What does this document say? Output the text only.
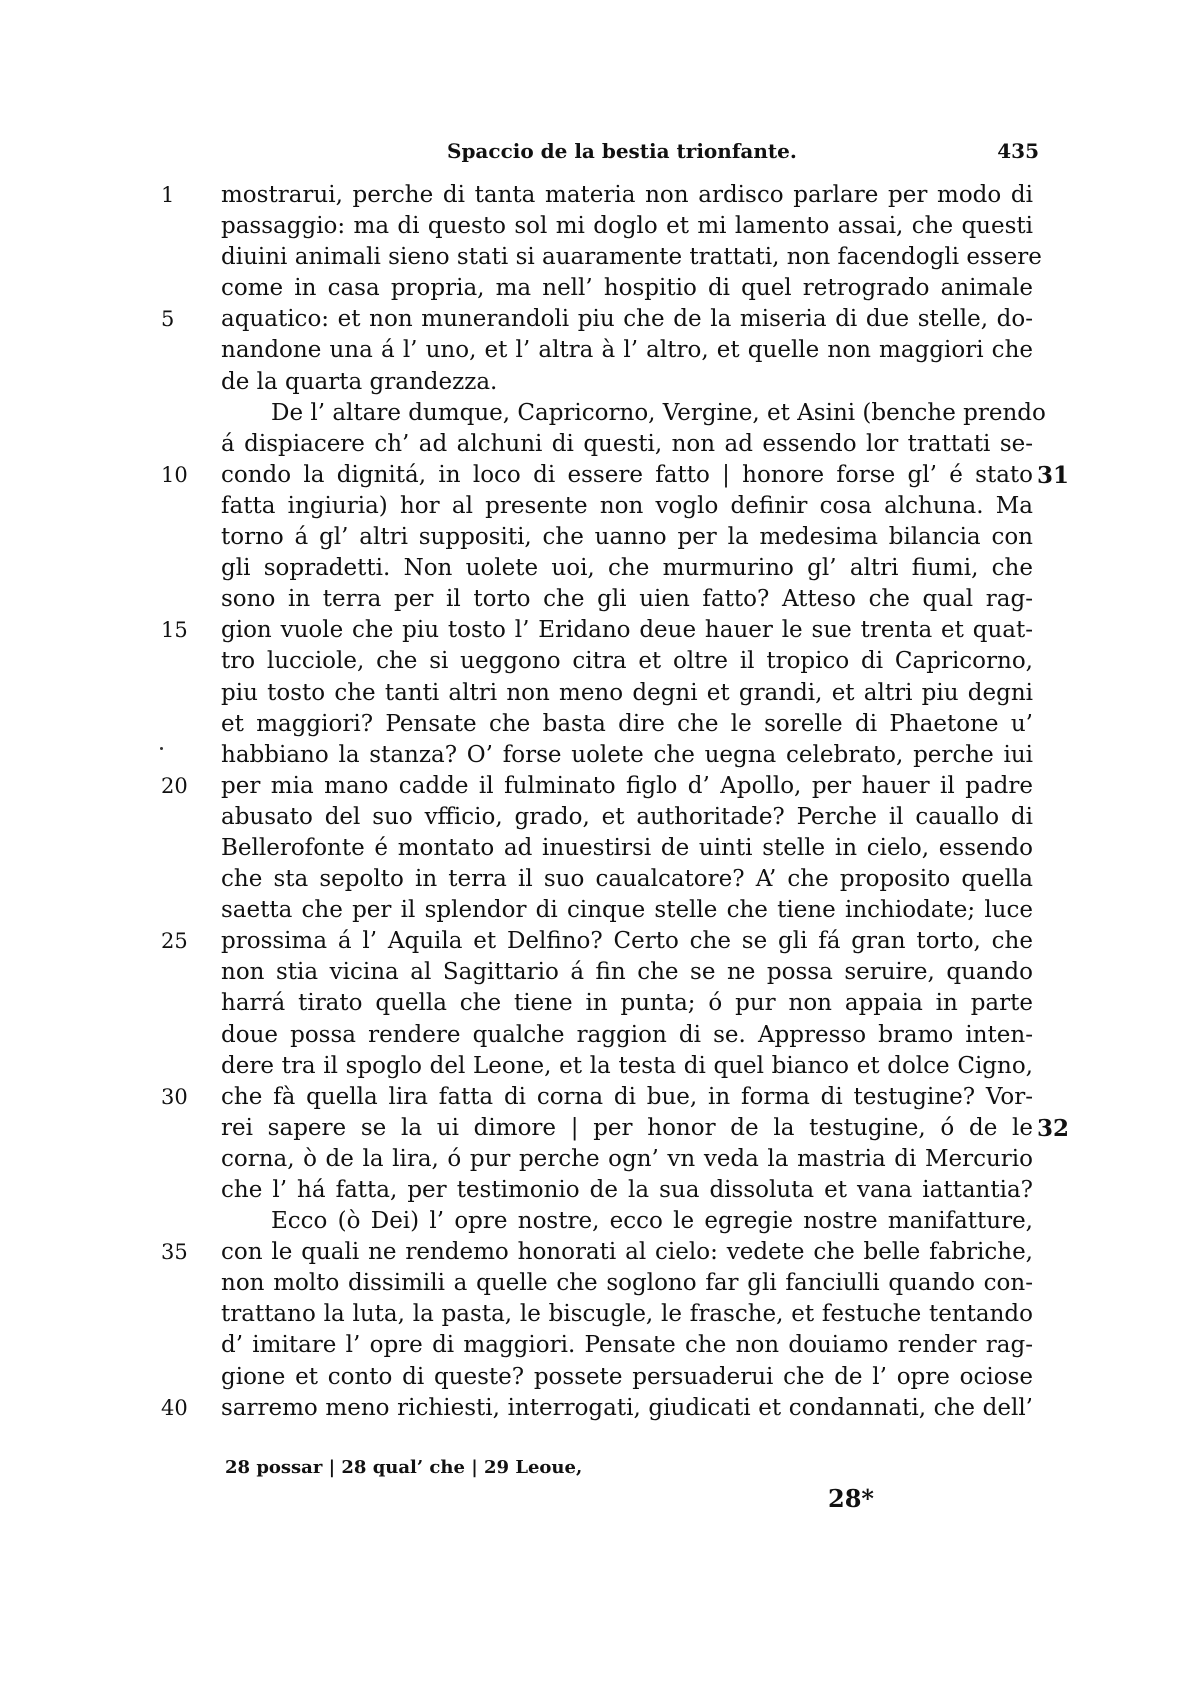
Spaccio de la bestia trionfante.	435
1	mostrarui, perche di tanta materia non ardisco parlare per modo di
passaggio: ma di questo sol mi doglo et mi lamento assai, che questi
diuini animali sieno stati si auaramente trattati, non facendogli essere
come in casa propria, ma nell’ hospitio di quel retrogrado animale
5	aquatico: et non munerandoli piu che de la miseria di due stelle, do-
nandone una á l’ uno, et l’ altra à l’ altro, et quelle non maggiori che
de la quarta grandezza.
De l’ altare dumque, Capricorno, Vergine, et Asini (benche prendo
á dispiacere ch’ ad alchuni di questi, non ad essendo lor trattati se-
10	condo la dignitá, in loco di essere fatto | honore forse gl’ é stato 31
fatta ingiuria) hor al presente non voglo definir cosa alchuna. Ma
torno á gl’ altri suppositi, che uanno per la medesima bilancia con
gli sopradetti. Non uolete uoi, che murmurino gl’ altri fiumi, che
sono in terra per il torto che gli uien fatto? Atteso che qual rag-
15	gion vuole che piu tosto l’ Eridano deue hauer le sue trenta et quat-
tro lucciole, che si ueggono citra et oltre il tropico di Capricorno,
piu tosto che tanti altri non meno degni et grandi, et altri piu degni
et maggiori? Pensate che basta dire che le sorelle di Phaetone u’
habbiano la stanza? O’ forse uolete che uegna celebrato, perche iui
20	per mia mano cadde il fulminato figlo d’ Apollo, per hauer il padre
abusato del suo vfficio, grado, et authoritade? Perche il cauallo di
Bellerofonte é montato ad inuestirsi de uinti stelle in cielo, essendo
che sta sepolto in terra il suo caualcatore? A’ che proposito quella
saetta che per il splendor di cinque stelle che tiene inchiodate; luce
25	prossima á l’ Aquila et Delfino? Certo che se gli fá gran torto, che
non stia vicina al Sagittario á fin che se ne possa seruire, quando
harrá tirato quella che tiene in punta; ó pur non appaia in parte
doue possa rendere qualche raggion di se. Appresso bramo inten-
dere tra il spoglo del Leone, et la testa di quel bianco et dolce Cigno,
30	che fà quella lira fatta di corna di bue, in forma di testugine? Vor-
rei sapere se la ui dimore | per honor de la testugine, ó de le 32
corna, ò de la lira, ó pur perche ogn’ vn veda la mastria di Mercurio
che l’ há fatta, per testimonio de la sua dissoluta et vana iattantia?
Ecco (ò Dei) l’ opre nostre, ecco le egregie nostre manifatture,
35	con le quali ne rendemo honorati al cielo: vedete che belle fabriche,
non molto dissimili a quelle che soglono far gli fanciulli quando con-
trattano la luta, la pasta, le biscugle, le frasche, et festuche tentando
d’ imitare l’ opre di maggiori. Pensate che non douiamo render rag-
gione et conto di queste? possete persuaderui che de l’ opre ociose
40	sarremo meno richiesti, interrogati, giudicati et condannati, che dell’
28 possar | 28 qual’ che | 29 Leoue,
28*
